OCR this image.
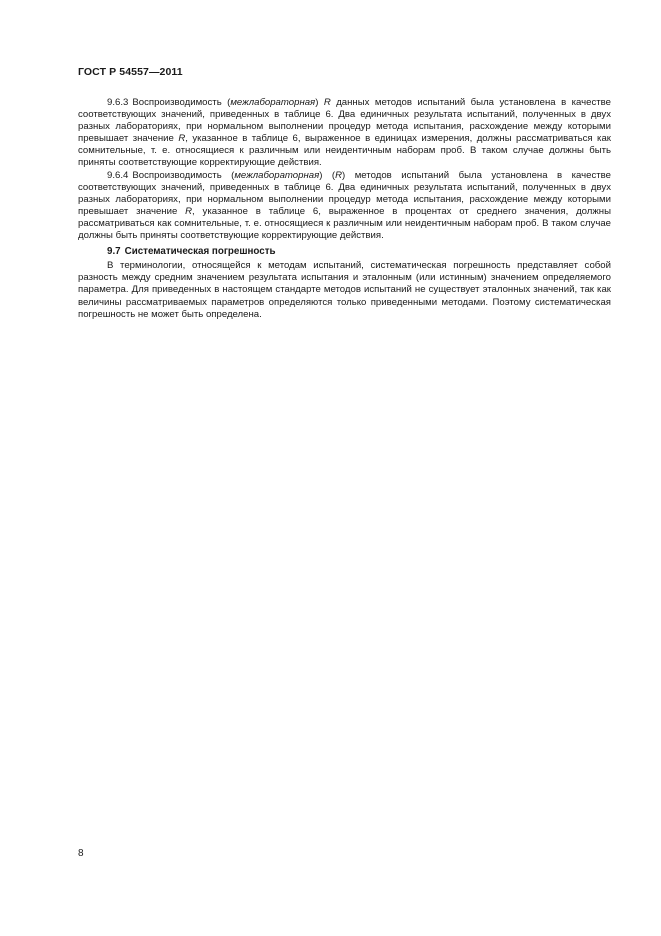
ГОСТ Р 54557—2011

9.6.3 Воспроизводимость (межлабораторная) R данных методов испытаний была установлена в качестве соответствующих значений, приведенных в таблице 6. Два единичных результата испытаний, полученных в двух разных лабораториях, при нормальном выполнении процедур метода испытания, расхождение между которыми превышает значение R, указанное в таблице 6, выраженное в единицах измерения, должны рассматриваться как сомнительные, т. е. относящиеся к различным или неидентичным наборам проб. В таком случае должны быть приняты соответствующие корректирующие действия.

9.6.4 Воспроизводимость (межлабораторная) (R) методов испытаний была установлена в качестве соответствующих значений, приведенных в таблице 6. Два единичных результата испытаний, полученных в двух разных лабораториях, при нормальном выполнении процедур метода испытания, расхождение между которыми превышает значение R, указанное в таблице 6, выраженное в процентах от среднего значения, должны рассматриваться как сомнительные, т. е. относящиеся к различным или неидентичным наборам проб. В таком случае должны быть приняты соответствующие корректирующие действия.

9.7 Систематическая погрешность

В терминологии, относящейся к методам испытаний, систематическая погрешность представляет собой разность между средним значением результата испытания и эталонным (или истинным) значением определяемого параметра. Для приведенных в настоящем стандарте методов испытаний не существует эталонных значений, так как величины рассматриваемых параметров определяются только приведенными методами. Поэтому систематическая погрешность не может быть определена.

8
